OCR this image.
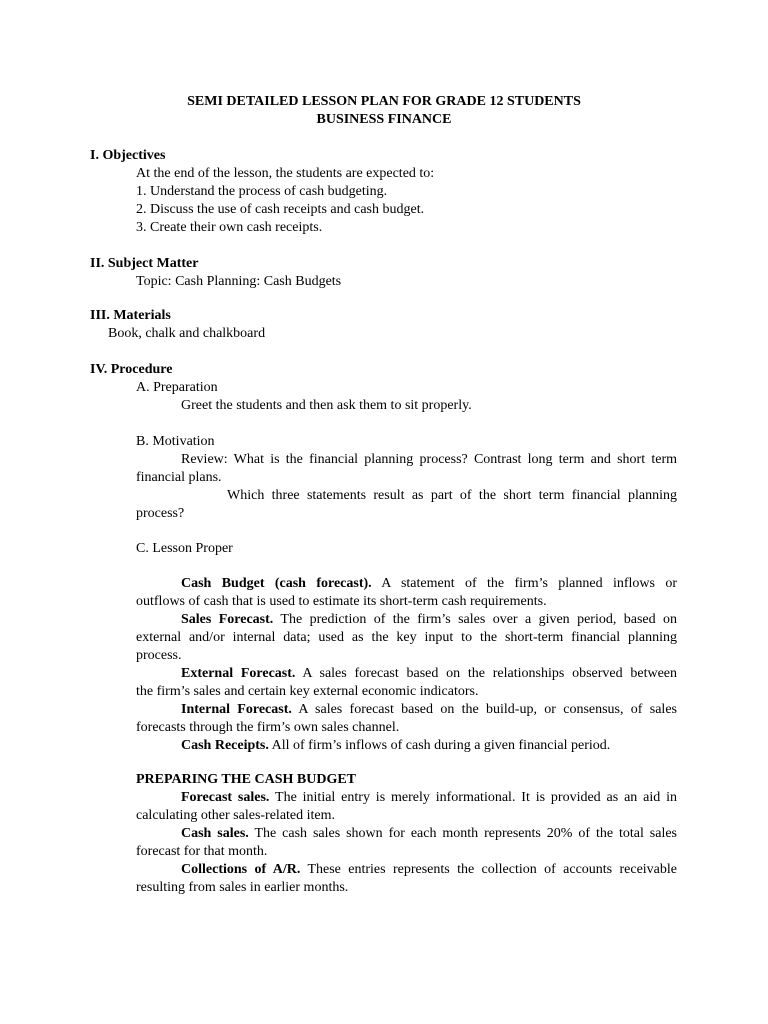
SEMI DETAILED LESSON PLAN FOR GRADE 12 STUDENTS
BUSINESS FINANCE
I. Objectives
At the end of the lesson, the students are expected to:
1. Understand the process of cash budgeting.
2. Discuss the use of cash receipts and cash budget.
3. Create their own cash receipts.
II. Subject Matter
Topic: Cash Planning: Cash Budgets
III. Materials
Book, chalk and chalkboard
IV. Procedure
A. Preparation
Greet the students and then ask them to sit properly.
B. Motivation
Review: What is the financial planning process? Contrast long term and short term
financial plans.
Which three statements result as part of the short term financial planning
process?
C. Lesson Proper
Cash Budget (cash forecast). A statement of the firm’s planned inflows or
outflows of cash that is used to estimate its short-term cash requirements.
Sales Forecast. The prediction of the firm’s sales over a given period, based on
external and/or internal data; used as the key input to the short-term financial planning
process.
External Forecast. A sales forecast based on the relationships observed between
the firm’s sales and certain key external economic indicators.
Internal Forecast. A sales forecast based on the build-up, or consensus, of sales
forecasts through the firm’s own sales channel.
Cash Receipts. All of firm’s inflows of cash during a given financial period.
PREPARING THE CASH BUDGET
Forecast sales. The initial entry is merely informational. It is provided as an aid in
calculating other sales-related item.
Cash sales. The cash sales shown for each month represents 20% of the total sales
forecast for that month.
Collections of A/R. These entries represents the collection of accounts receivable
resulting from sales in earlier months.
